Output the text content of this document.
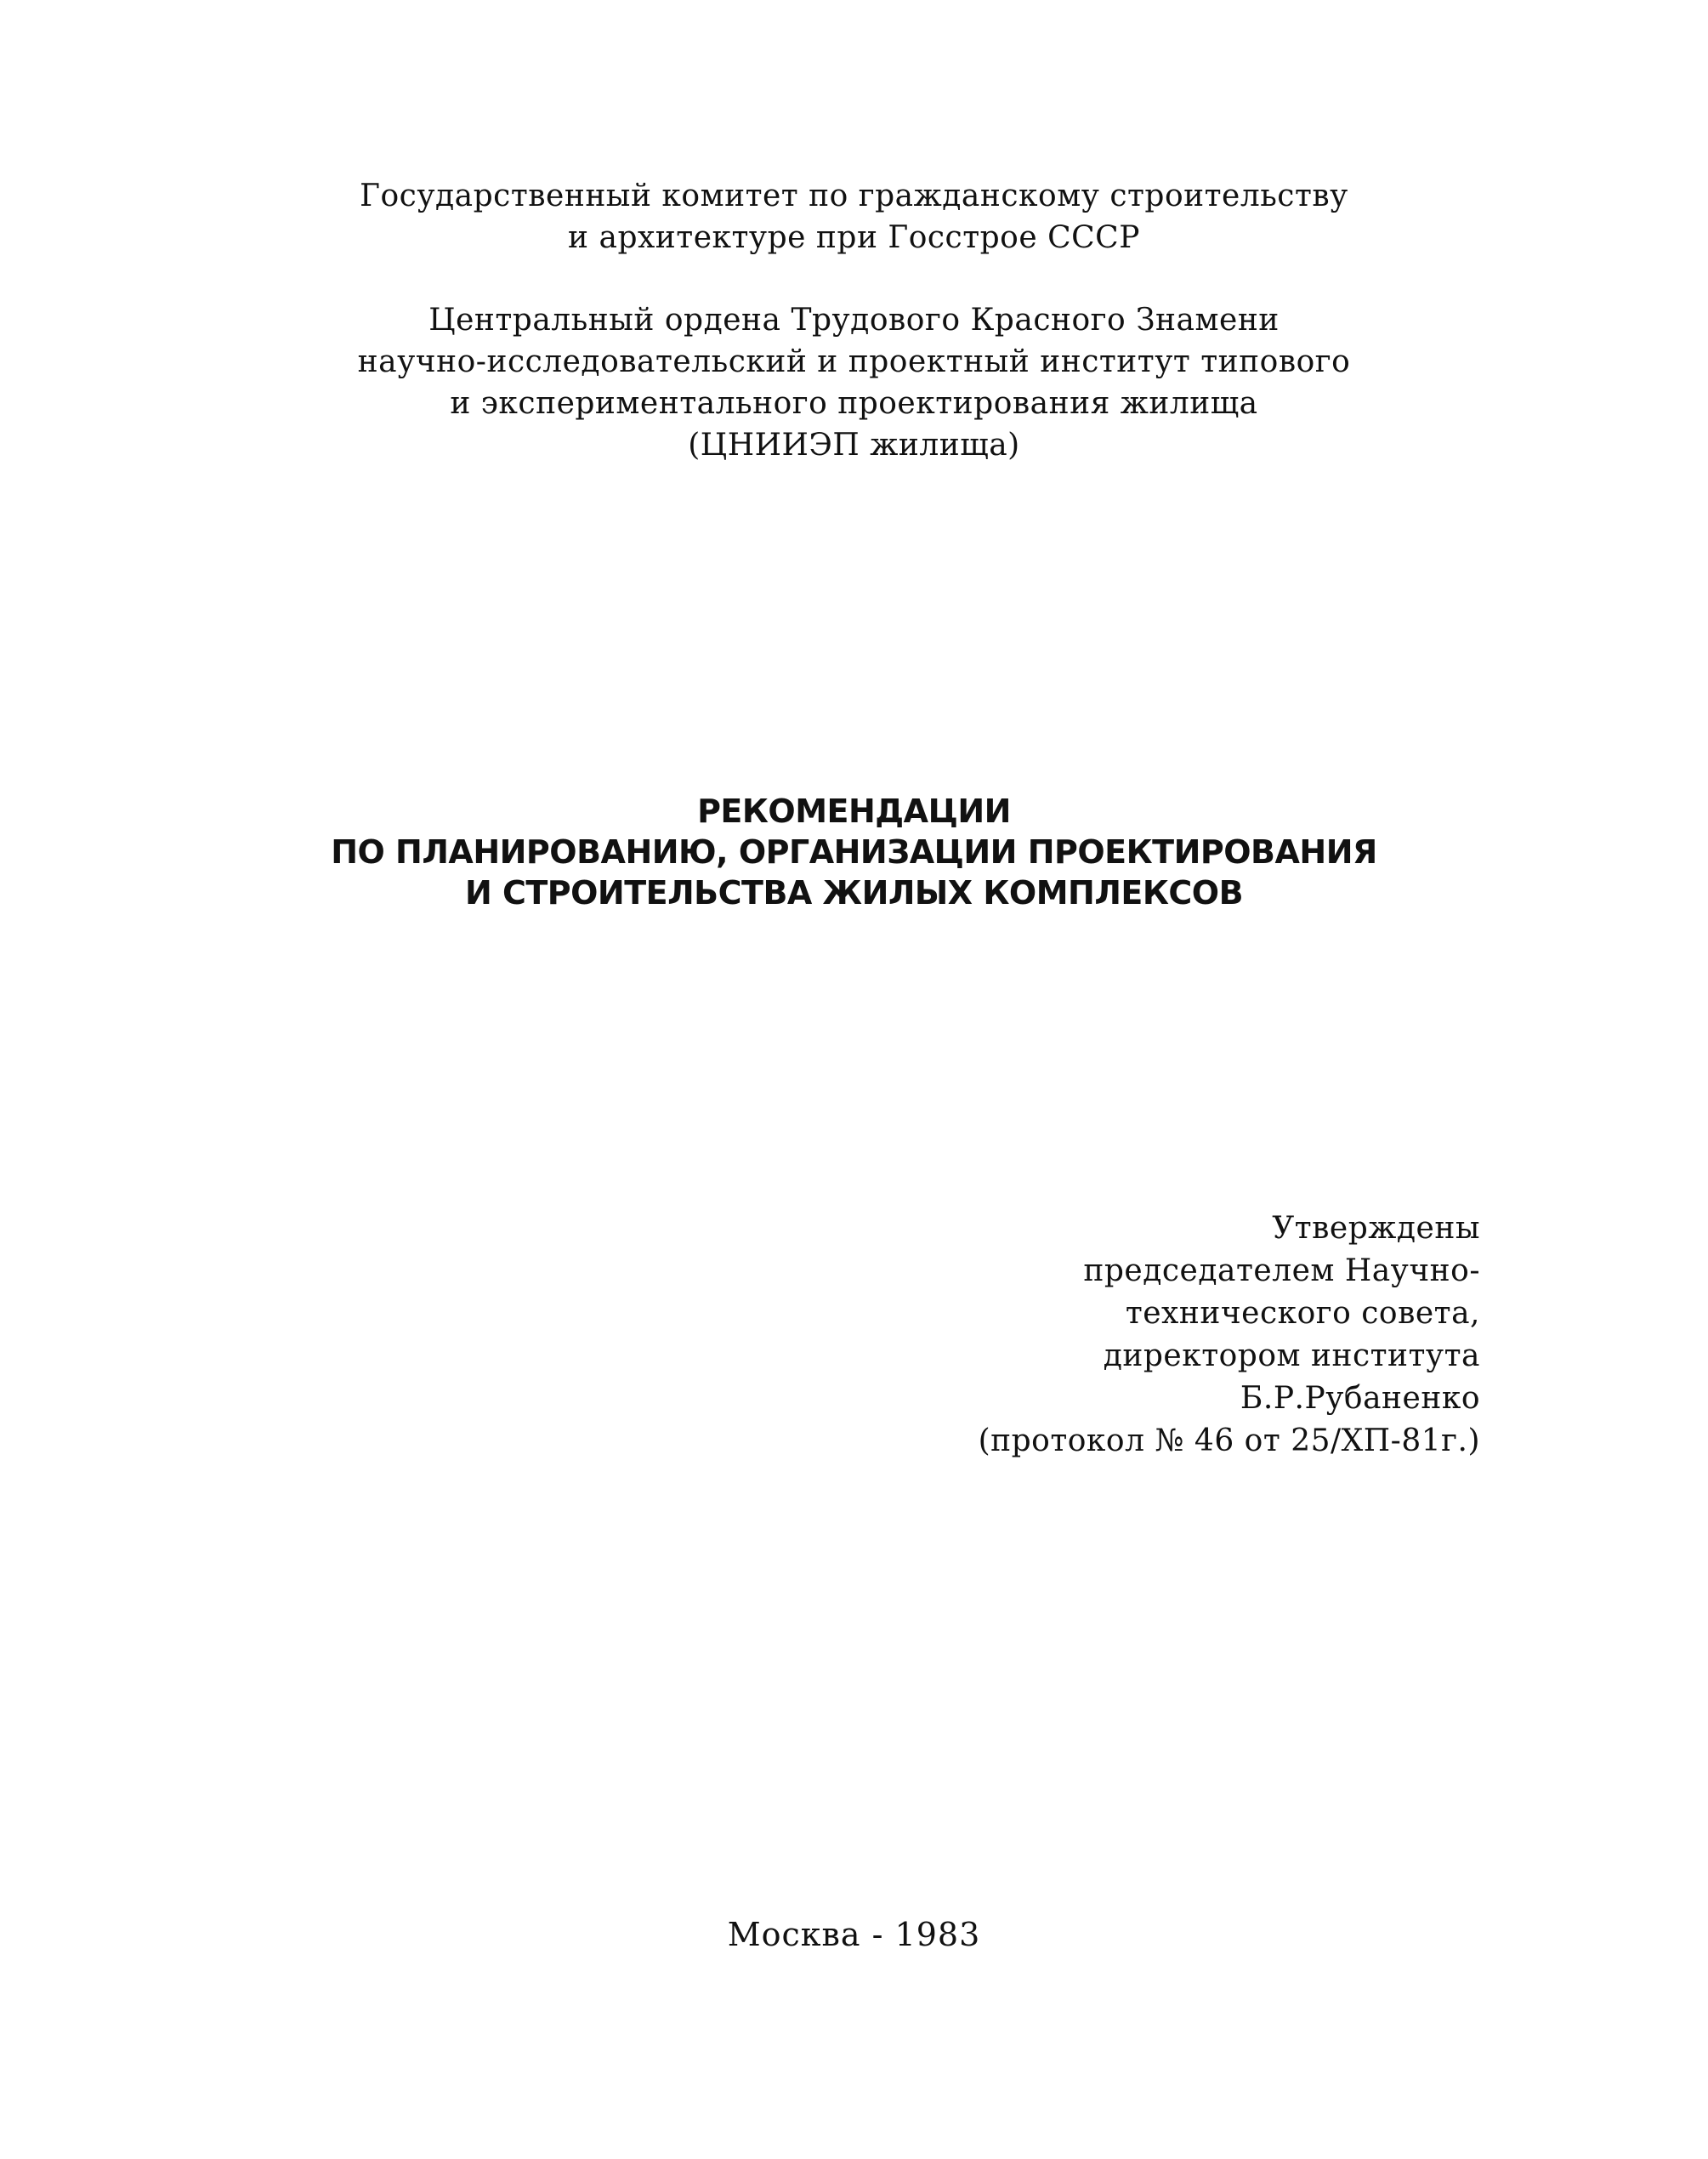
Государственный комитет по гражданскому строительству
и архитектуре при Госстрое СССР
Центральный ордена Трудового Красного Знамени
научно-исследовательский и проектный институт типового
и экспериментального проектирования жилища
(ЦНИИЭП жилища)
РЕКОМЕНДАЦИИ
ПО ПЛАНИРОВАНИЮ, ОРГАНИЗАЦИИ ПРОЕКТИРОВАНИЯ
И СТРОИТЕЛЬСТВА ЖИЛЫХ КОМПЛЕКСОВ
Утверждены
председателем Научно-
технического совета,
директором института
Б.Р.Рубаненко
(протокол № 46 от 25/ХП-81г.)
Москва - 1983
